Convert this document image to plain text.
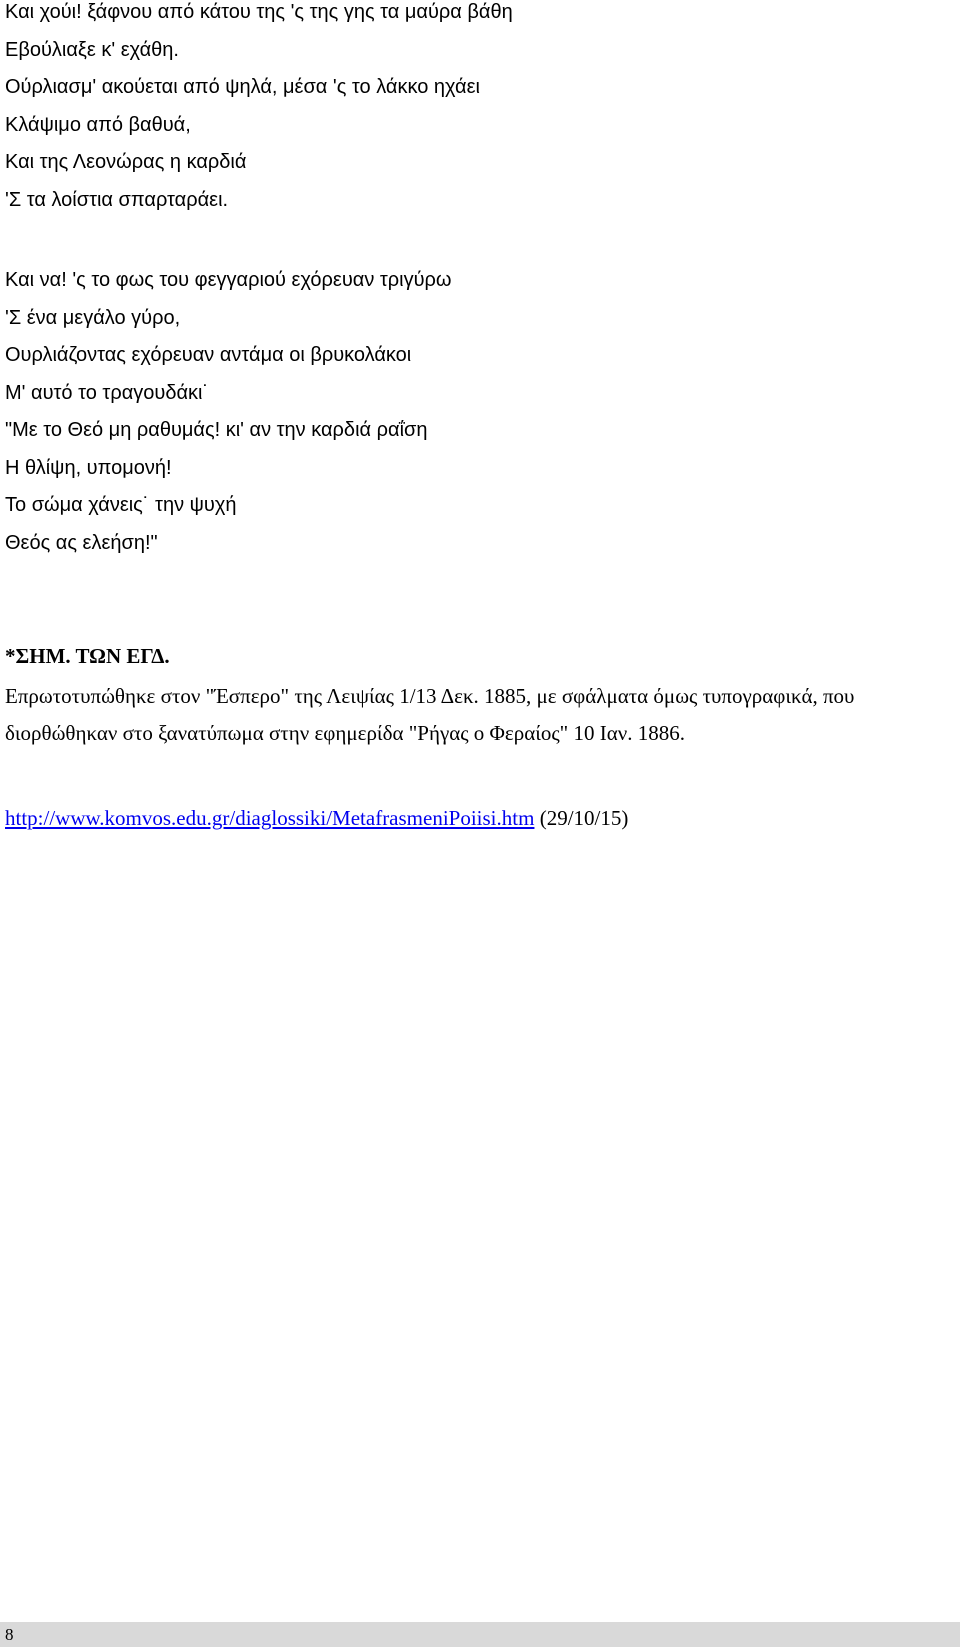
Και χούι! ξάφνου από κάτου της 'ς της γης τα μαύρα βάθη
Εβούλιαξε κ' εχάθη.
Ούρλιασμ' ακούεται από ψηλά, μέσα 'ς το λάκκο ηχάει
Κλάψιμο από βαθυά,
Και της Λεονώρας η καρδιά
'Σ τα λοίστια σπαρταράει.
Και να! 'ς το φως του φεγγαριού εχόρευαν τριγύρω
'Σ ένα μεγάλο γύρο,
Ουρλιάζοντας εχόρευαν αντάμα οι βρυκολάκοι
Μ' αυτό το τραγουδάκι˙
"Με το Θεό μη ραθυμάς! κι' αν την καρδιά ραΐση
Η θλίψη, υπομονή!
Το σώμα χάνεις˙ την ψυχή
Θεός ας ελεήση!"

*ΣΗΜ. ΤΩΝ ΕΓΔ.

Επρωτοτυπώθηκε στον "Έσπερο" της Λειψίας 1/13 Δεκ. 1885, με σφάλματα όμως τυπογραφικά, που
διορθώθηκαν στο ξανατύπωμα στην εφημερίδα "Ρήγας ο Φεραίος" 10 Ιαν. 1886.

http://www.komvos.edu.gr/diaglossiki/MetafrasmeniPoiisi.htm (29/10/15)

8
